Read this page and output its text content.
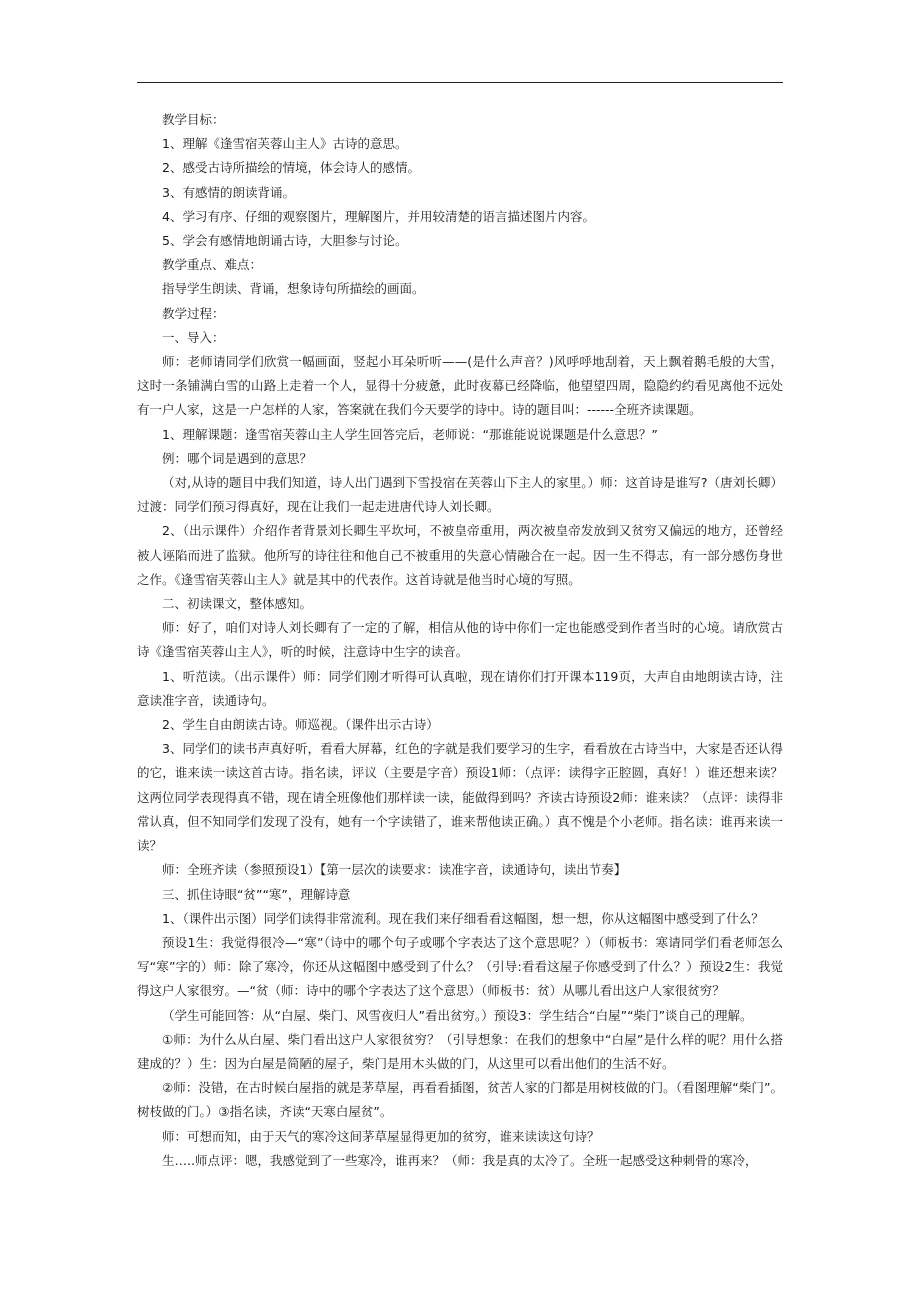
教学目标：

1、理解《逢雪宿芙蓉山主人》古诗的意思。

2、感受古诗所描绘的情境，体会诗人的感情。

3、有感情的朗读背诵。

4、学习有序、仔细的观察图片，理解图片，并用较清楚的语言描述图片内容。

5、学会有感情地朗诵古诗，大胆参与讨论。

教学重点、难点：

指导学生朗读、背诵，想象诗句所描绘的画面。

教学过程：

一、导入：

师：老师请同学们欣赏一幅画面，竖起小耳朵听听——(是什么声音？)风呼呼地刮着，天上飘着鹅毛般的大雪，这时一条铺满白雪的山路上走着一个人，显得十分疲惫，此时夜幕已经降临，他望望四周，隐隐约约看见离他不远处有一户人家，这是一户怎样的人家，答案就在我们今天要学的诗中。诗的题目叫：------全班齐读课题。

1、理解课题：逢雪宿芙蓉山主人学生回答完后，老师说：“那谁能说说课题是什么意思？”

例：哪个词是遇到的意思？

（对,从诗的题目中我们知道，诗人出门遇到下雪投宿在芙蓉山下主人的家里。）师：这首诗是谁写?（唐刘长卿）过渡：同学们预习得真好，现在让我们一起走进唐代诗人刘长卿。

2、（出示课件）介绍作者背景刘长卿生平坎坷，不被皇帝重用，两次被皇帝发放到又贫穷又偏远的地方，还曾经被人诬陷而进了监狱。他所写的诗往往和他自己不被重用的失意心情融合在一起。因一生不得志，有一部分感伤身世之作。《逢雪宿芙蓉山主人》就是其中的代表作。这首诗就是他当时心境的写照。

二、初读课文，整体感知。

师：好了，咱们对诗人刘长卿有了一定的了解，相信从他的诗中你们一定也能感受到作者当时的心境。请欣赏古诗《逢雪宿芙蓉山主人》，听的时候，注意诗中生字的读音。

1、听范读。（出示课件）师：同学们刚才听得可认真啦，现在请你们打开课本119页，大声自由地朗读古诗，注意读准字音，读通诗句。

2、学生自由朗读古诗。师巡视。（课件出示古诗）

3、同学们的读书声真好听，看看大屏幕，红色的字就是我们要学习的生字，看看放在古诗当中，大家是否还认得的它，谁来读一读这首古诗。指名读，评议（主要是字音）预设1师：（点评：读得字正腔圆，真好！）谁还想来读？这两位同学表现得真不错，现在请全班像他们那样读一读，能做得到吗？齐读古诗预设2师：谁来读？（点评：读得非常认真，但不知同学们发现了没有，她有一个字读错了，谁来帮他读正确。）真不愧是个小老师。指名读：谁再来读一读？

师：全班齐读（参照预设1）【第一层次的读要求：读准字音，读通诗句，读出节奏】

三、抓住诗眼“贫”“寒”，理解诗意

1、（课件出示图）同学们读得非常流利。现在我们来仔细看看这幅图，想一想，你从这幅图中感受到了什么？

预设1生：我觉得很冷—“寒”（诗中的哪个句子或哪个字表达了这个意思呢？）（师板书：寒请同学们看老师怎么写“寒”字的）师：除了寒冷，你还从这幅图中感受到了什么？（引导:看看这屋子你感受到了什么？）预设2生：我觉得这户人家很穷。—“贫（师：诗中的哪个字表达了这个意思）（师板书：贫）从哪儿看出这户人家很贫穷？

（学生可能回答：从“白屋、柴门、风雪夜归人”看出贫穷。）预设3：学生结合“白屋”“柴门”谈自己的理解。

①师：为什么从白屋、柴门看出这户人家很贫穷？（引导想象：在我们的想象中“白屋”是什么样的呢？用什么搭建成的？）生：因为白屋是简陋的屋子，柴门是用木头做的门，从这里可以看出他们的生活不好。

②师：没错，在古时候白屋指的就是茅草屋，再看看插图，贫苦人家的门都是用树枝做的门。（看图理解“柴门”。树枝做的门。）③指名读，齐读“天寒白屋贫”。

师：可想而知，由于天气的寒冷这间茅草屋显得更加的贫穷，谁来读读这句诗？

生…..师点评：嗯，我感觉到了一些寒冷，谁再来？（师：我是真的太冷了。全班一起感受这种刺骨的寒冷，
